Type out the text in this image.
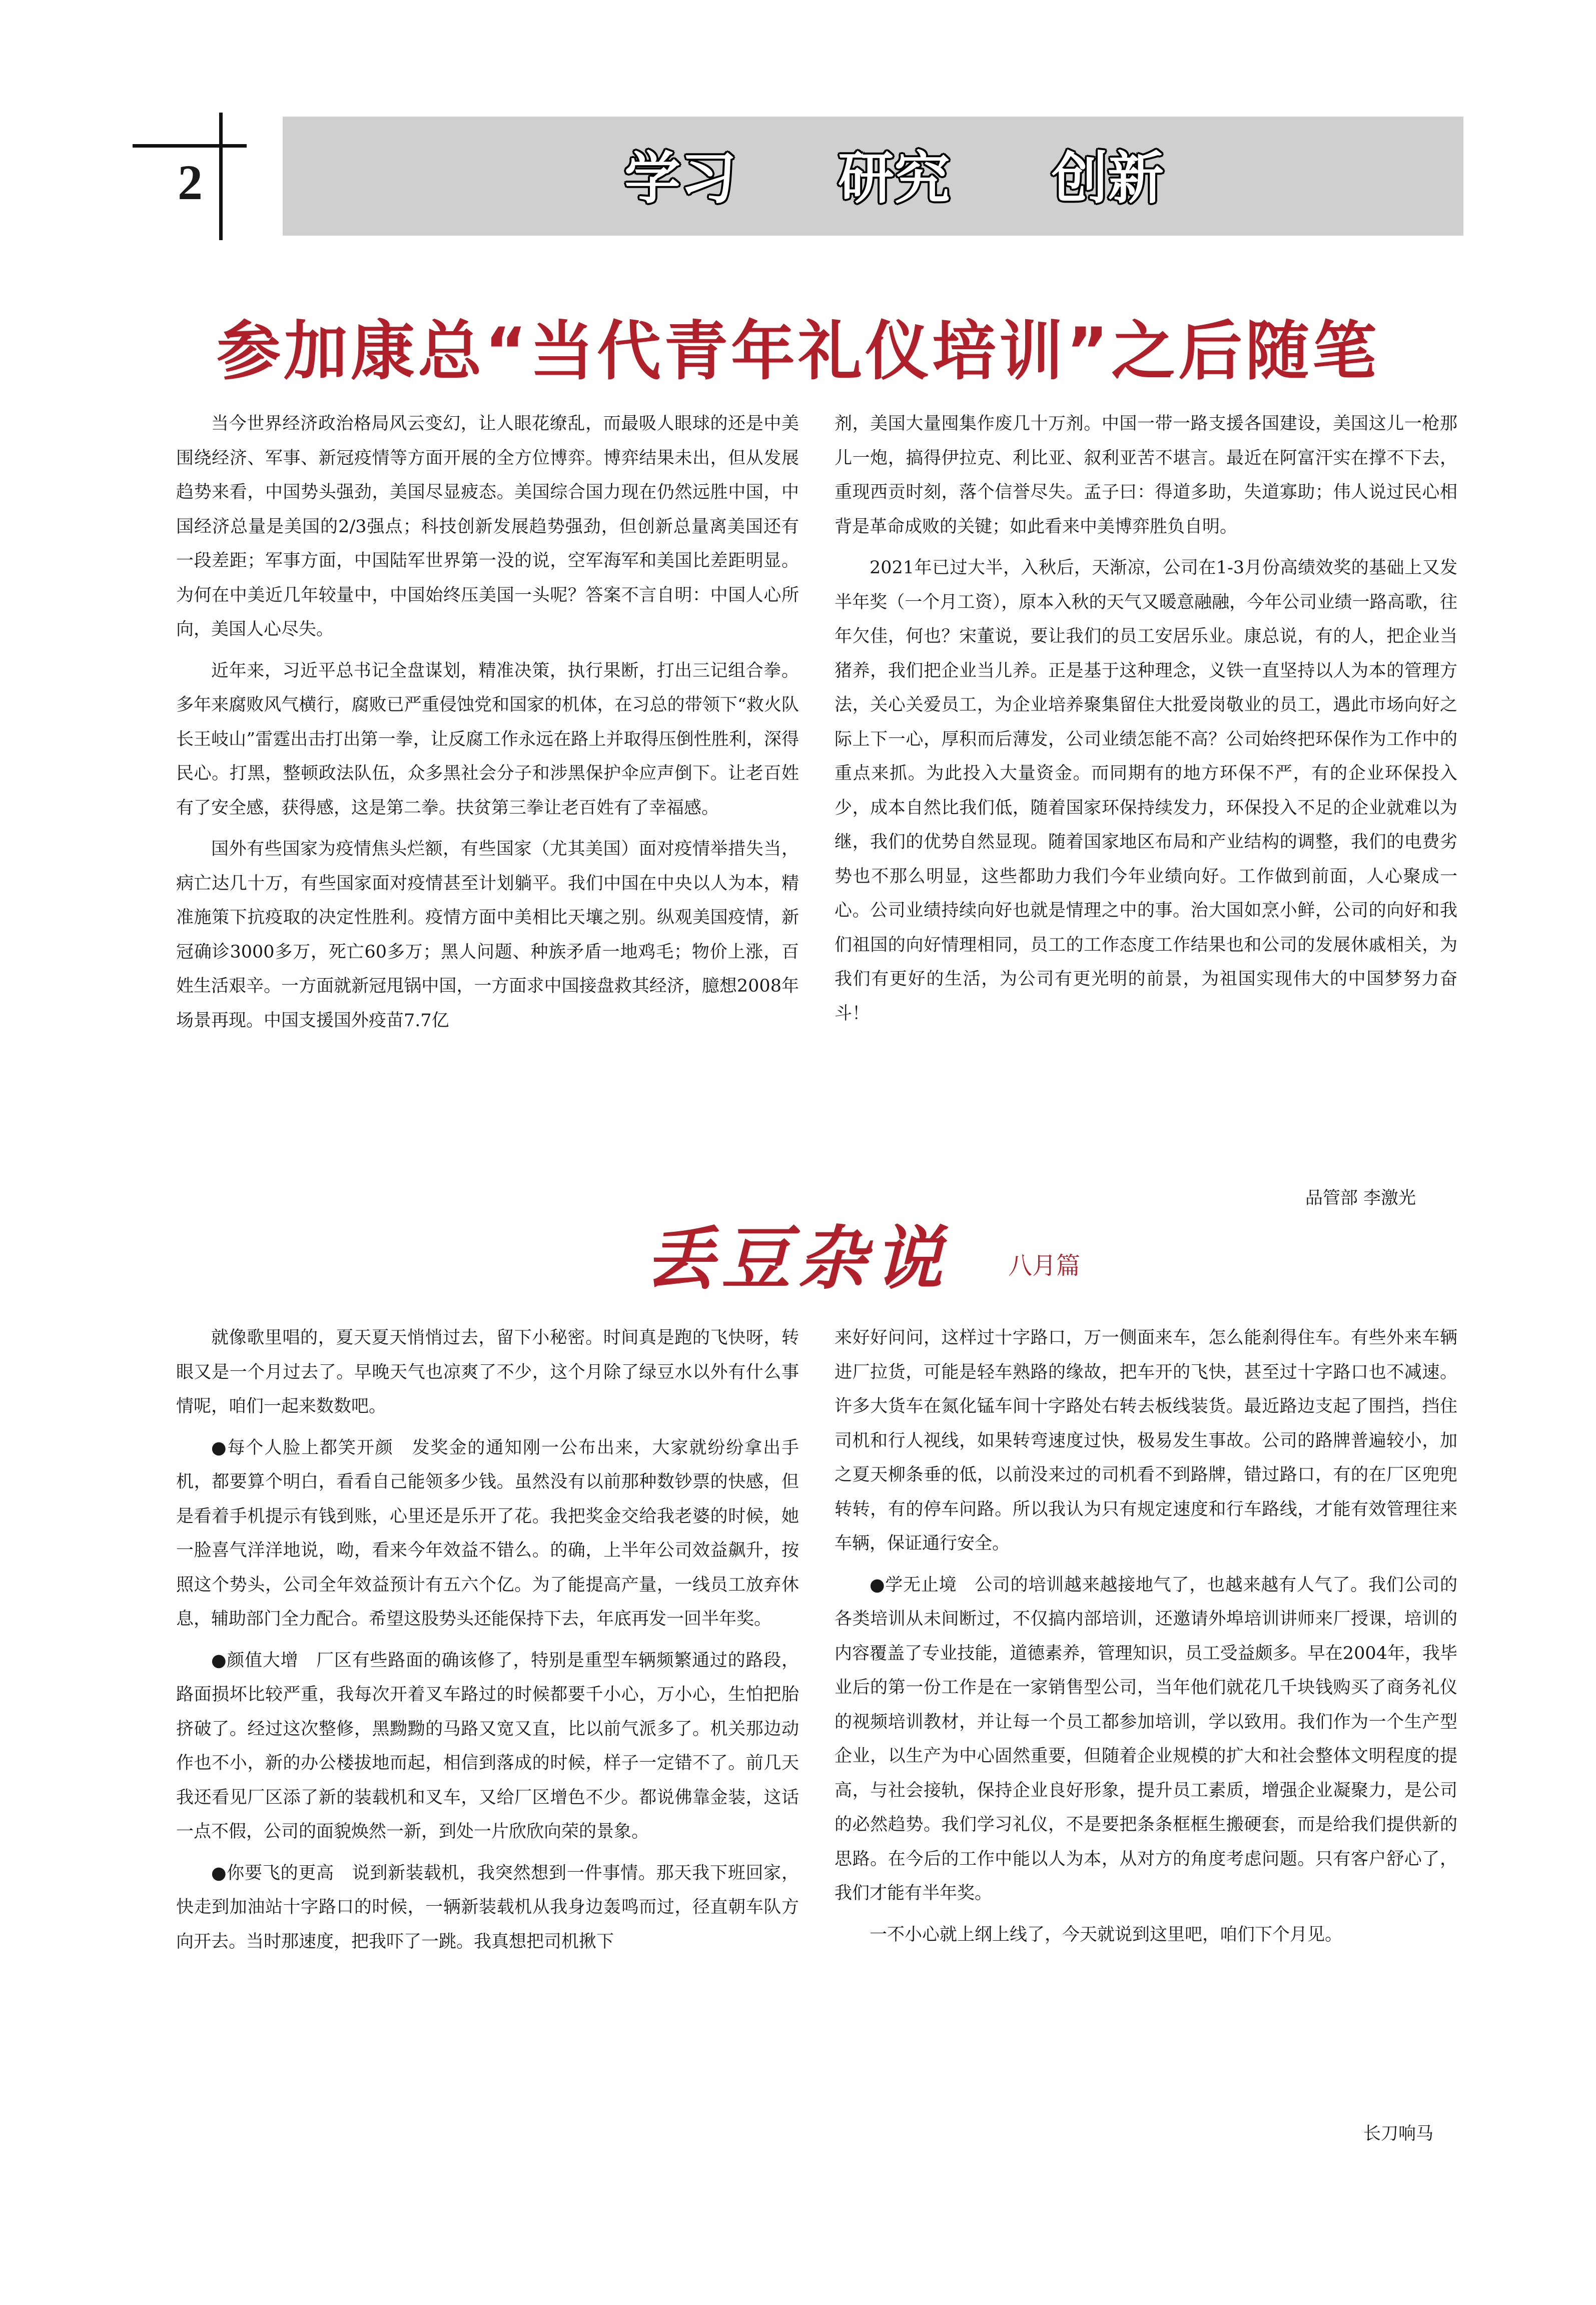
2	学习 研究 创新
参加康总“当代青年礼仪培训”之后随笔

当今世界经济政治格局风云变幻，让人眼花缭乱，而最吸人眼球的还是中美围绕经济、军事、新冠疫情等方面开展的全方位博弈。博弈结果未出，但从发展趋势来看，中国势头强劲，美国尽显疲态。美国综合国力现在仍然远胜中国，中国经济总量是美国的2/3强点；科技创新发展趋势强劲，但创新总量离美国还有一段差距；军事方面，中国陆军世界第一没的说，空军海军和美国比差距明显。为何在中美近几年较量中，中国始终压美国一头呢？答案不言自明：中国人心所向，美国人心尽失。

近年来，习近平总书记全盘谋划，精准决策，执行果断，打出三记组合拳。多年来腐败风气横行，腐败已严重侵蚀党和国家的机体，在习总的带领下“救火队长王岐山”雷霆出击打出第一拳，让反腐工作永远在路上并取得压倒性胜利，深得民心。打黑，整顿政法队伍，众多黑社会分子和涉黑保护伞应声倒下。让老百姓有了安全感，获得感，这是第二拳。扶贫第三拳让老百姓有了幸福感。

国外有些国家为疫情焦头烂额，有些国家（尤其美国）面对疫情举措失当，病亡达几十万，有些国家面对疫情甚至计划躺平。我们中国在中央以人为本，精准施策下抗疫取的决定性胜利。疫情方面中美相比天壤之别。纵观美国疫情，新冠确诊3000多万，死亡60多万；黑人问题、种族矛盾一地鸡毛；物价上涨，百姓生活艰辛。一方面就新冠甩锅中国，一方面求中国接盘救其经济，臆想2008年场景再现。中国支援国外疫苗7.7亿

剂，美国大量囤集作废几十万剂。中国一带一路支援各国建设，美国这儿一枪那儿一炮，搞得伊拉克、利比亚、叙利亚苦不堪言。最近在阿富汗实在撑不下去，重现西贡时刻，落个信誉尽失。孟子曰：得道多助，失道寡助；伟人说过民心相背是革命成败的关键；如此看来中美博弈胜负自明。

2021年已过大半，入秋后，天渐凉，公司在1-3月份高绩效奖的基础上又发半年奖（一个月工资），原本入秋的天气又暖意融融，今年公司业绩一路高歌，往年欠佳，何也？宋董说，要让我们的员工安居乐业。康总说，有的人，把企业当猪养，我们把企业当儿养。正是基于这种理念，义铁一直坚持以人为本的管理方法，关心关爱员工，为企业培养聚集留住大批爱岗敬业的员工，遇此市场向好之际上下一心，厚积而后薄发，公司业绩怎能不高？公司始终把环保作为工作中的重点来抓。为此投入大量资金。而同期有的地方环保不严，有的企业环保投入少，成本自然比我们低，随着国家环保持续发力，环保投入不足的企业就难以为继，我们的优势自然显现。随着国家地区布局和产业结构的调整，我们的电费劣势也不那么明显，这些都助力我们今年业绩向好。工作做到前面，人心聚成一心。公司业绩持续向好也就是情理之中的事。治大国如烹小鲜，公司的向好和我们祖国的向好情理相同，员工的工作态度工作结果也和公司的发展休戚相关，为我们有更好的生活，为公司有更光明的前景，为祖国实现伟大的中国梦努力奋斗！

品管部 李激光
丢豆杂说 八月篇

就像歌里唱的，夏天夏天悄悄过去，留下小秘密。时间真是跑的飞快呀，转眼又是一个月过去了。早晚天气也凉爽了不少，这个月除了绿豆水以外有什么事情呢，咱们一起来数数吧。

●每个人脸上都笑开颜　发奖金的通知刚一公布出来，大家就纷纷拿出手机，都要算个明白，看看自己能领多少钱。虽然没有以前那种数钞票的快感，但是看着手机提示有钱到账，心里还是乐开了花。我把奖金交给我老婆的时候，她一脸喜气洋洋地说，呦，看来今年效益不错么。的确，上半年公司效益飙升，按照这个势头，公司全年效益预计有五六个亿。为了能提高产量，一线员工放弃休息，辅助部门全力配合。希望这股势头还能保持下去，年底再发一回半年奖。

●颜值大增　厂区有些路面的确该修了，特别是重型车辆频繁通过的路段，路面损坏比较严重，我每次开着叉车路过的时候都要千小心，万小心，生怕把胎挤破了。经过这次整修，黑黝黝的马路又宽又直，比以前气派多了。机关那边动作也不小，新的办公楼拔地而起，相信到落成的时候，样子一定错不了。前几天我还看见厂区添了新的装载机和叉车，又给厂区增色不少。都说佛靠金装，这话一点不假，公司的面貌焕然一新，到处一片欣欣向荣的景象。

●你要飞的更高　说到新装载机，我突然想到一件事情。那天我下班回家，快走到加油站十字路口的时候，一辆新装载机从我身边轰鸣而过，径直朝车队方向开去。当时那速度，把我吓了一跳。我真想把司机揪下

来好好问问，这样过十字路口，万一侧面来车，怎么能刹得住车。有些外来车辆进厂拉货，可能是轻车熟路的缘故，把车开的飞快，甚至过十字路口也不减速。许多大货车在氮化锰车间十字路处右转去板线装货。最近路边支起了围挡，挡住司机和行人视线，如果转弯速度过快，极易发生事故。公司的路牌普遍较小，加之夏天柳条垂的低，以前没来过的司机看不到路牌，错过路口，有的在厂区兜兜转转，有的停车问路。所以我认为只有规定速度和行车路线，才能有效管理往来车辆，保证通行安全。

●学无止境　公司的培训越来越接地气了，也越来越有人气了。我们公司的各类培训从未间断过，不仅搞内部培训，还邀请外埠培训讲师来厂授课，培训的内容覆盖了专业技能，道德素养，管理知识，员工受益颇多。早在2004年，我毕业后的第一份工作是在一家销售型公司，当年他们就花几千块钱购买了商务礼仪的视频培训教材，并让每一个员工都参加培训，学以致用。我们作为一个生产型企业，以生产为中心固然重要，但随着企业规模的扩大和社会整体文明程度的提高，与社会接轨，保持企业良好形象，提升员工素质，增强企业凝聚力，是公司的必然趋势。我们学习礼仪，不是要把条条框框生搬硬套，而是给我们提供新的思路。在今后的工作中能以人为本，从对方的角度考虑问题。只有客户舒心了，我们才能有半年奖。

一不小心就上纲上线了，今天就说到这里吧，咱们下个月见。

长刀响马
